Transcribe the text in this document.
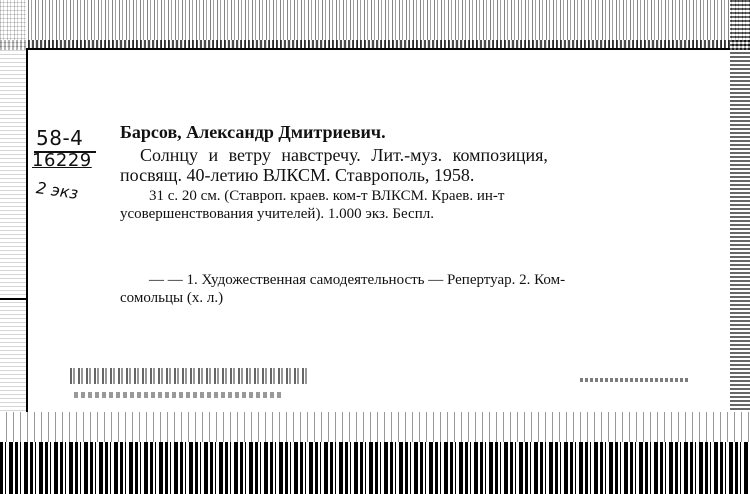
58-4
16229
2 экз
Барсов, Александр Дмитриевич.
Солнцу и ветру навстречу. Лит.-муз. композиция,
посвящ. 40-летию ВЛКСМ. Ставрополь, 1958.
31 с. 20 см. (Ставроп. краев. ком-т ВЛКСМ. Краев. ин-т
усовершенствования учителей). 1.000 экз. Беспл.
— — 1. Художественная самодеятельность — Репертуар. 2. Ком-
сомольцы (х. л.)
